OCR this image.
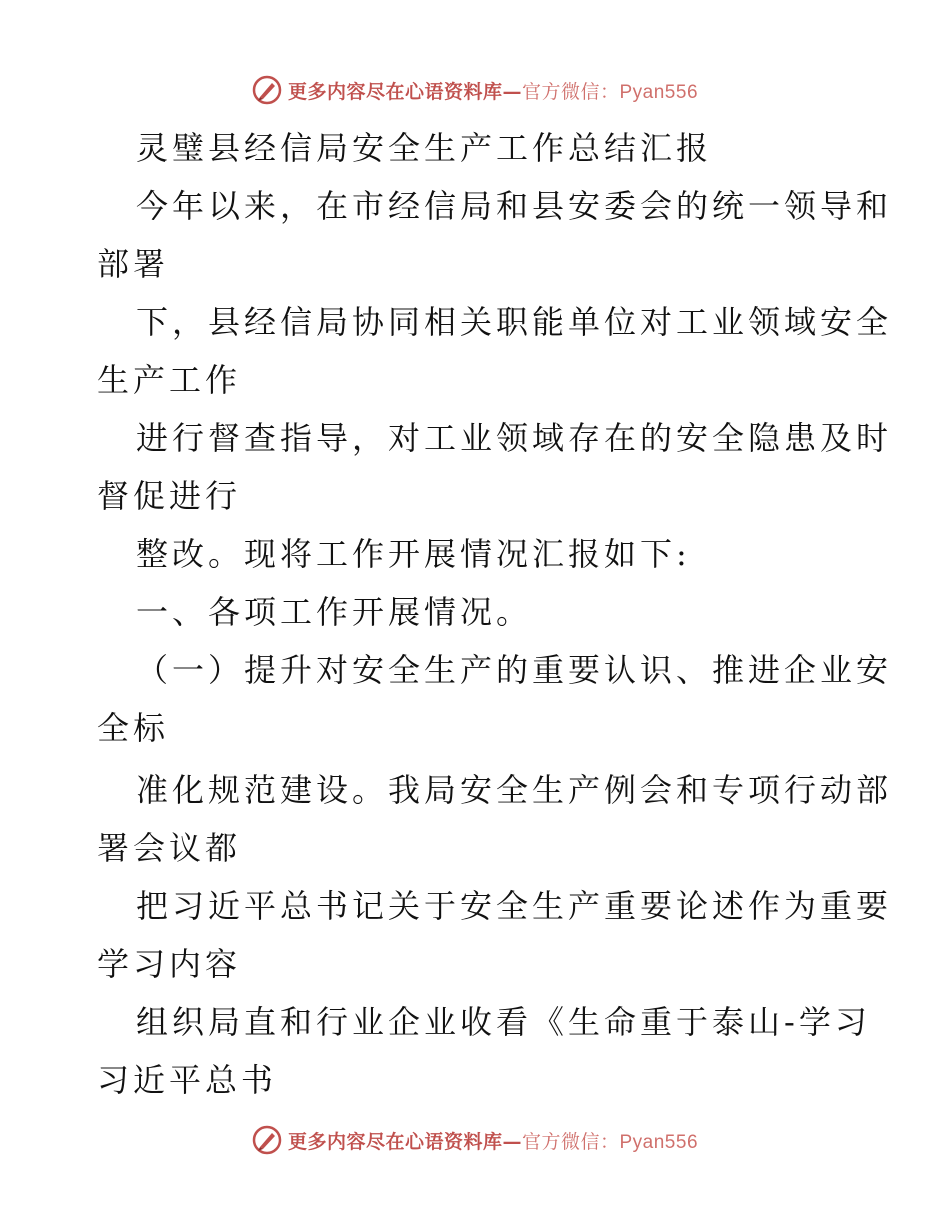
更多内容尽在心语资料库—官方微信：Pyan556
灵璧县经信局安全生产工作总结汇报
今年以来，在市经信局和县安委会的统一领导和
部署
下，县经信局协同相关职能单位对工业领域安全
生产工作
进行督查指导，对工业领域存在的安全隐患及时
督促进行
整改。现将工作开展情况汇报如下:
一、各项工作开展情况。
（一）提升对安全生产的重要认识、推进企业安
全标
准化规范建设。我局安全生产例会和专项行动部
署会议都
把习近平总书记关于安全生产重要论述作为重要
学习内容
组织局直和行业企业收看《生命重于泰山-学习
习近平总书
更多内容尽在心语资料库—官方微信：Pyan556
